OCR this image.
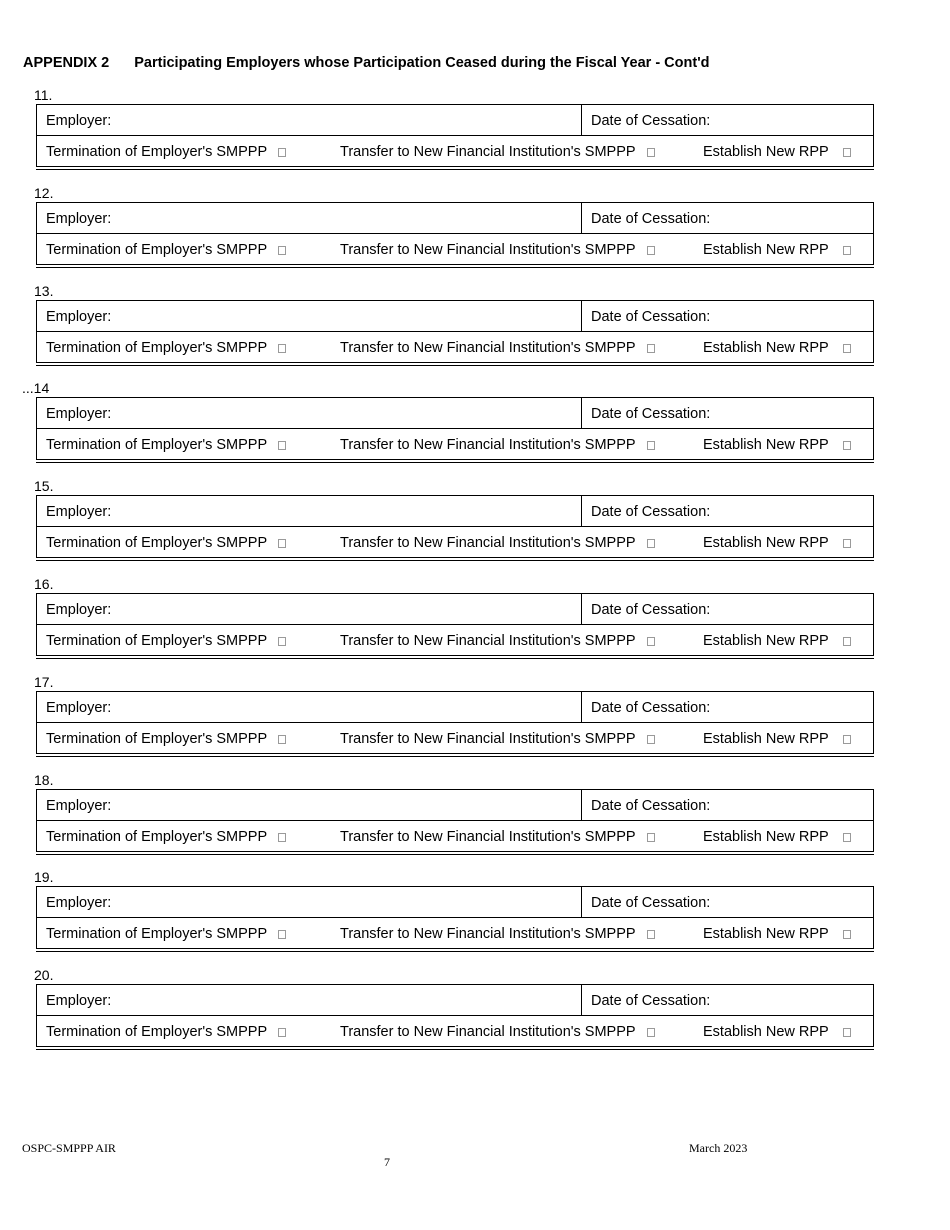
APPENDIX 2 Participating Employers whose Participation Ceased during the Fiscal Year - Cont'd
11.
Employer:	Date of Cessation:
Termination of Employer's SMPPP	Transfer to New Financial Institution's SMPPP	Establish New RPP
12.
Employer:	Date of Cessation:
Termination of Employer's SMPPP	Transfer to New Financial Institution's SMPPP	Establish New RPP
13.
Employer:	Date of Cessation:
Termination of Employer's SMPPP	Transfer to New Financial Institution's SMPPP	Establish New RPP
...14
Employer:	Date of Cessation:
Termination of Employer's SMPPP	Transfer to New Financial Institution's SMPPP	Establish New RPP
15.
Employer:	Date of Cessation:
Termination of Employer's SMPPP	Transfer to New Financial Institution's SMPPP	Establish New RPP
16.
Employer:	Date of Cessation:
Termination of Employer's SMPPP	Transfer to New Financial Institution's SMPPP	Establish New RPP
17.
Employer:	Date of Cessation:
Termination of Employer's SMPPP	Transfer to New Financial Institution's SMPPP	Establish New RPP
18.
Employer:	Date of Cessation:
Termination of Employer's SMPPP	Transfer to New Financial Institution's SMPPP	Establish New RPP
19.
Employer:	Date of Cessation:
Termination of Employer's SMPPP	Transfer to New Financial Institution's SMPPP	Establish New RPP
20.
Employer:	Date of Cessation:
Termination of Employer's SMPPP	Transfer to New Financial Institution's SMPPP	Establish New RPP
OSPC-SMPPP AIR	March 2023
7
